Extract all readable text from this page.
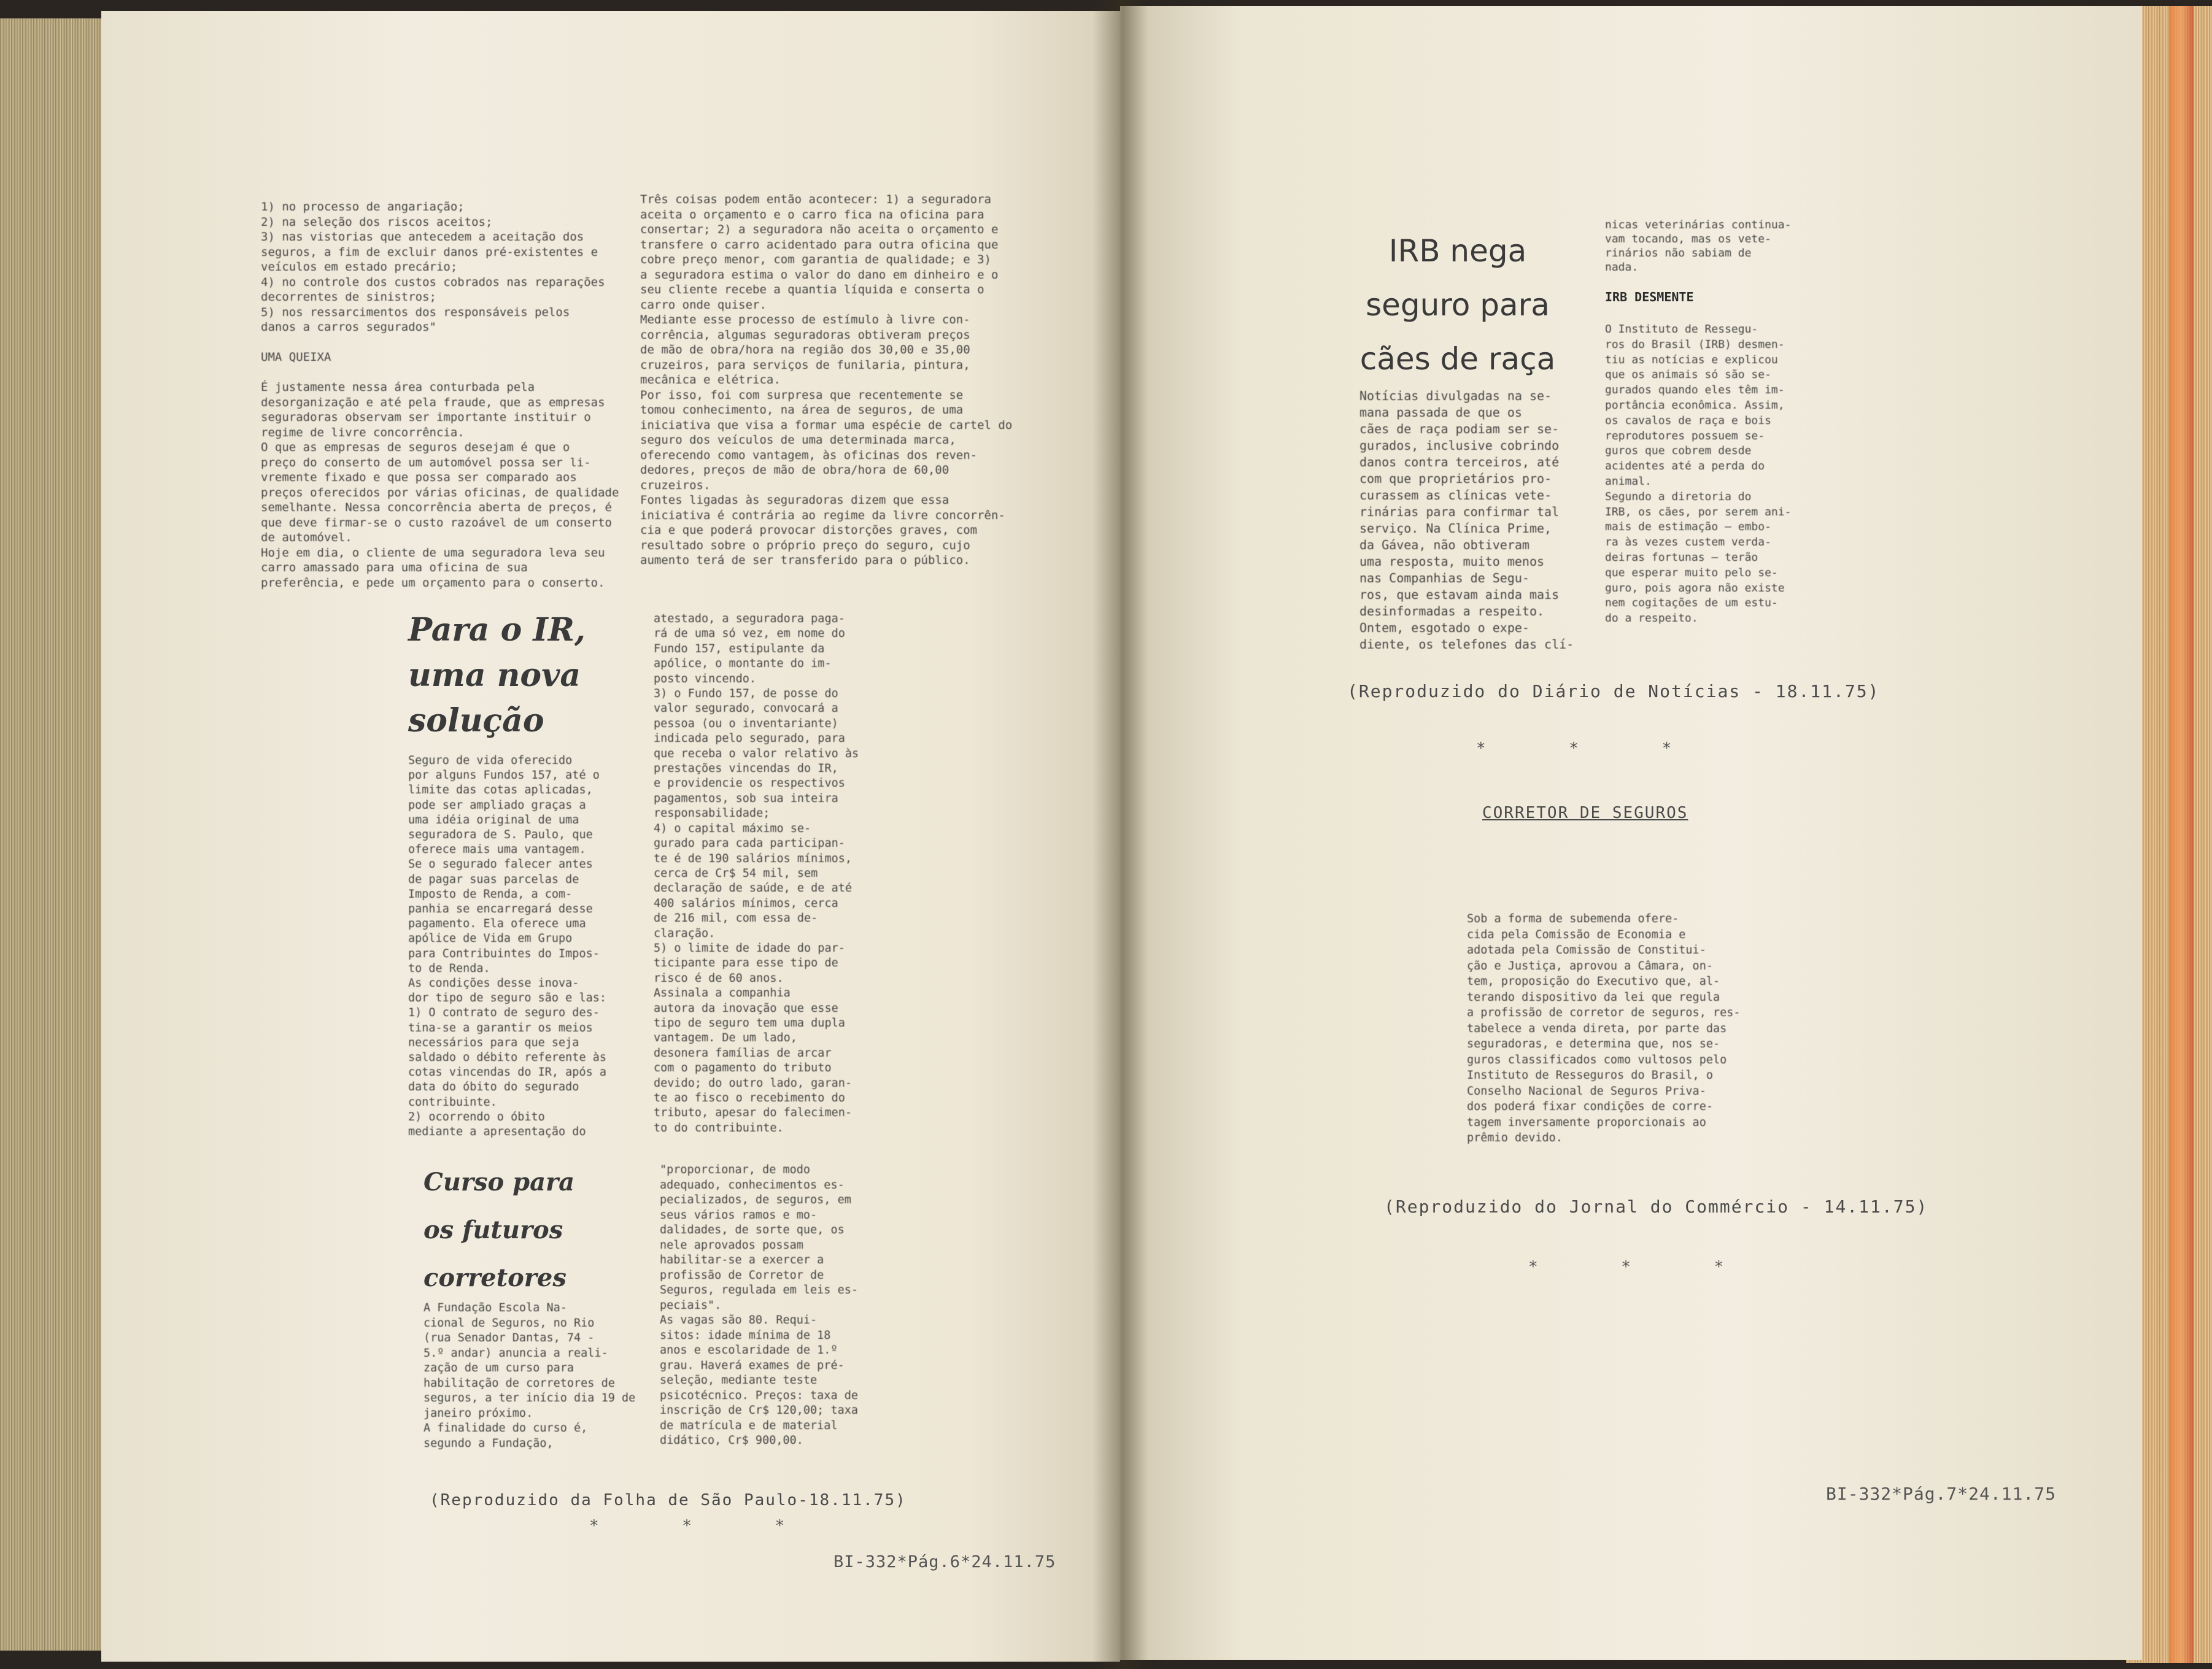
1) no processo de angariação;

2) na seleção dos riscos aceitos;

3) nas vistorias que antecedem a aceitação dos

seguros, a fim de excluir danos pré-existentes e

veículos em estado precário;

4) no controle dos custos cobrados nas reparações

decorrentes de sinistros;

5) nos ressarcimentos dos responsáveis pelos

danos a carros segurados"

UMA QUEIXA

É justamente nessa área conturbada pela

desorganização e até pela fraude, que as empresas

seguradoras observam ser importante instituir o

regime de livre concorrência.

O que as empresas de seguros desejam é que o

preço do conserto de um automóvel possa ser li-

vremente fixado e que possa ser comparado aos

preços oferecidos por várias oficinas, de qualidade

semelhante. Nessa concorrência aberta de preços, é

que deve firmar-se o custo razoável de um conserto

de automóvel.

Hoje em dia, o cliente de uma seguradora leva seu

carro amassado para uma oficina de sua

preferência, e pede um orçamento para o conserto.

Três coisas podem então acontecer: 1) a seguradora

aceita o orçamento e o carro fica na oficina para

consertar; 2) a seguradora não aceita o orçamento e

transfere o carro acidentado para outra oficina que

cobre preço menor, com garantia de qualidade; e 3)

a seguradora estima o valor do dano em dinheiro e o

seu cliente recebe a quantia líquida e conserta o

carro onde quiser.

Mediante esse processo de estímulo à livre con-

corrência, algumas seguradoras obtiveram preços

de mão de obra/hora na região dos 30,00 e 35,00

cruzeiros, para serviços de funilaria, pintura,

mecânica e elétrica.

Por isso, foi com surpresa que recentemente se

tomou conhecimento, na área de seguros, de uma

iniciativa que visa a formar uma espécie de cartel do

seguro dos veículos de uma determinada marca,

oferecendo como vantagem, às oficinas dos reven-

dedores, preços de mão de obra/hora de 60,00

cruzeiros.

Fontes ligadas às seguradoras dizem que essa

iniciativa é contrária ao regime da livre concorrên-

cia e que poderá provocar distorções graves, com

resultado sobre o próprio preço do seguro, cujo

aumento terá de ser transferido para o público.

Para o IR,
uma nova
solução

Seguro de vida oferecido

por alguns Fundos 157, até o

limite das cotas aplicadas,

pode ser ampliado graças a

uma idéia original de uma

seguradora de S. Paulo, que

oferece mais uma vantagem.

Se o segurado falecer antes

de pagar suas parcelas de

Imposto de Renda, a com-

panhia se encarregará desse

pagamento. Ela oferece uma

apólice de Vida em Grupo

para Contribuintes do Impos-

to de Renda.

As condições desse inova-

dor tipo de seguro são e las:

1) O contrato de seguro des-

tina-se a garantir os meios

necessários para que seja

saldado o débito referente às

cotas vincendas do IR, após a

data do óbito do segurado

contribuinte.

2) ocorrendo o óbito

mediante a apresentação do

atestado, a seguradora paga-

rá de uma só vez, em nome do

Fundo 157, estipulante da

apólice, o montante do im-

posto vincendo.

3) o Fundo 157, de posse do

valor segurado, convocará a

pessoa (ou o inventariante)

indicada pelo segurado, para

que receba o valor relativo às

prestações vincendas do IR,

e providencie os respectivos

pagamentos, sob sua inteira

responsabilidade;

4) o capital máximo se-

gurado para cada participan-

te é de 190 salários mínimos,

cerca de Cr$ 54 mil, sem

declaração de saúde, e de até

400 salários mínimos, cerca

de 216 mil, com essa de-

claração.

5) o limite de idade do par-

ticipante para esse tipo de

risco é de 60 anos.

Assinala a companhia

autora da inovação que esse

tipo de seguro tem uma dupla

vantagem. De um lado,

desonera famílias de arcar

com o pagamento do tributo

devido; do outro lado, garan-

te ao fisco o recebimento do

tributo, apesar do falecimen-

to do contribuinte.

Curso para
os futuros
corretores

A Fundação Escola Na-

cional de Seguros, no Rio

(rua Senador Dantas, 74 -

5.º andar) anuncia a reali-

zação de um curso para

habilitação de corretores de

seguros, a ter início dia 19 de

janeiro próximo.

A finalidade do curso é,

segundo a Fundação,

"proporcionar, de modo

adequado, conhecimentos es-

pecializados, de seguros, em

seus vários ramos e mo-

dalidades, de sorte que, os

nele aprovados possam

habilitar-se a exercer a

profissão de Corretor de

Seguros, regulada em leis es-

peciais".

As vagas são 80. Requi-

sitos: idade mínima de 18

anos e escolaridade de 1.º

grau. Haverá exames de pré-

seleção, mediante teste

psicotécnico. Preços: taxa de

inscrição de Cr$ 120,00; taxa

de matrícula e de material

didático, Cr$ 900,00.

(Reproduzido da Folha de São Paulo-18.11.75)
* * *
BI-332*Pág.6*24.11.75
IRB nega
seguro para
cães de raça

Notícias divulgadas na se-

mana passada de que os

cães de raça podiam ser se-

gurados, inclusive cobrindo

danos contra terceiros, até

com que proprietários pro-

curassem as clínicas vete-

rinárias para confirmar tal

serviço. Na Clínica Prime,

da Gávea, não obtiveram

uma resposta, muito menos

nas Companhias de Segu-

ros, que estavam ainda mais

desinformadas a respeito.

Ontem, esgotado o expe-

diente, os telefones das clí-

nicas veterinárias continua-

vam tocando, mas os vete-

rinários não sabiam de

nada.

IRB DESMENTE

O Instituto de Ressegu-

ros do Brasil (IRB) desmen-

tiu as notícias e explicou

que os animais só são se-

gurados quando eles têm im-

portância econômica. Assim,

os cavalos de raça e bois

reprodutores possuem se-

guros que cobrem desde

acidentes até a perda do

animal.

Segundo a diretoria do

IRB, os cães, por serem ani-

mais de estimação — embo-

ra às vezes custem verda-

deiras fortunas — terão

que esperar muito pelo se-

guro, pois agora não existe

nem cogitações de um estu-

do a respeito.

(Reproduzido do Diário de Notícias - 18.11.75)
* * *
CORRETOR DE SEGUROS

Sob a forma de subemenda ofere-

cida pela Comissão de Economia e

adotada pela Comissão de Constitui-

ção e Justiça, aprovou a Câmara, on-

tem, proposição do Executivo que, al-

terando dispositivo da lei que regula

a profissão de corretor de seguros, res-

tabelece a venda direta, por parte das

seguradoras, e determina que, nos se-

guros classificados como vultosos pelo

Instituto de Resseguros do Brasil, o

Conselho Nacional de Seguros Priva-

dos poderá fixar condições de corre-

tagem inversamente proporcionais ao

prêmio devido.

(Reproduzido do Jornal do Commércio - 14.11.75)
* * *
BI-332*Pág.7*24.11.75
